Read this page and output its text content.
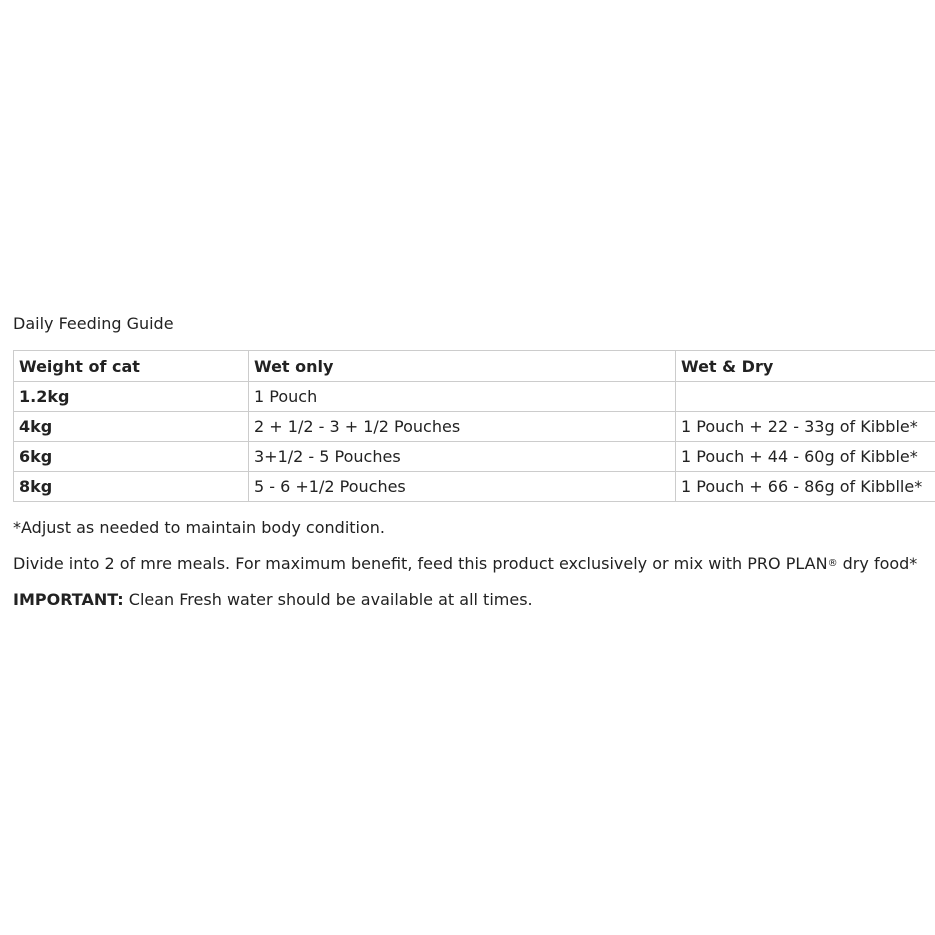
Daily Feeding Guide
Weight of cat	Wet only	Wet & Dry
1.2kg	1 Pouch	
4kg	2 + 1/2 - 3 + 1/2 Pouches	1 Pouch + 22 - 33g of Kibble*
6kg	3+1/2 - 5 Pouches	1 Pouch + 44 - 60g of Kibble*
8kg	5 - 6 +1/2 Pouches	1 Pouch + 66 - 86g of Kibblle*

*Adjust as needed to maintain body condition.

Divide into 2 of mre meals. For maximum benefit, feed this product exclusively or mix with PRO PLAN® dry food*

IMPORTANT: Clean Fresh water should be available at all times.
